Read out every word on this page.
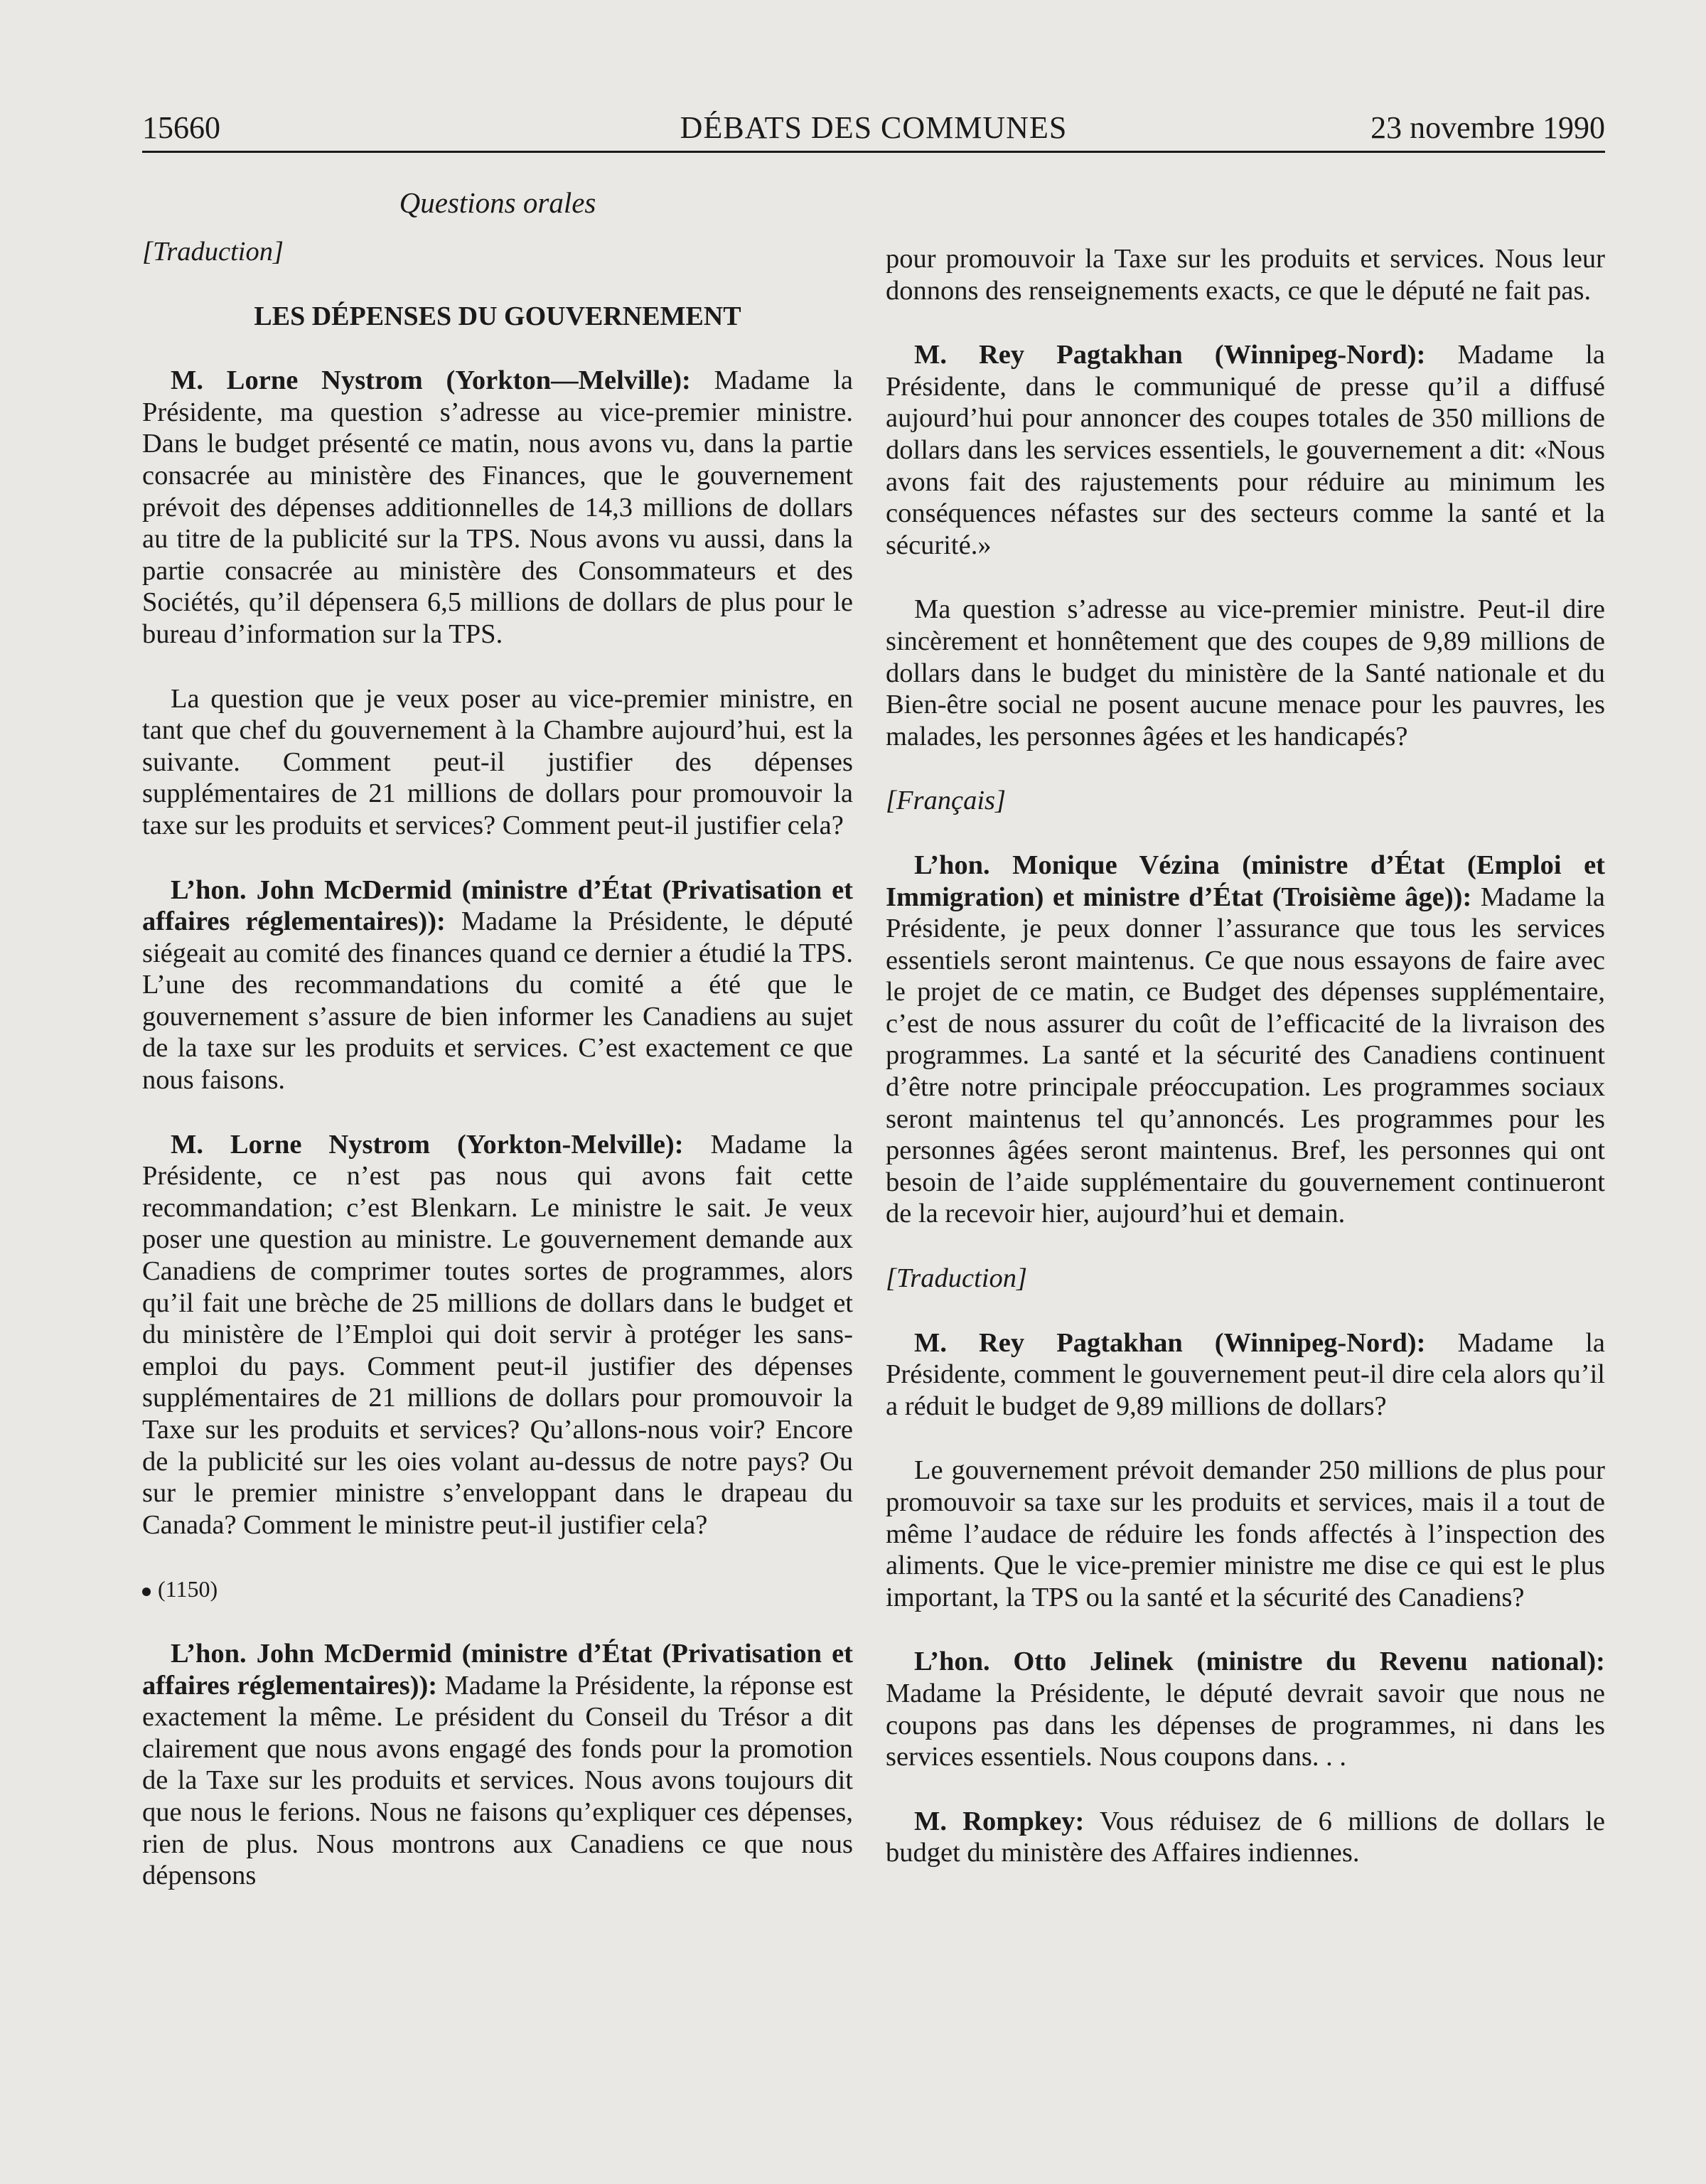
15660	DÉBATS DES COMMUNES	23 novembre 1990
Questions orales

[Traduction]

LES DÉPENSES DU GOUVERNEMENT

M. Lorne Nystrom (Yorkton—Melville): Madame la Présidente, ma question s’adresse au vice-premier ministre. Dans le budget présenté ce matin, nous avons vu, dans la partie consacrée au ministère des Finances, que le gouvernement prévoit des dépenses additionnelles de 14,3 millions de dollars au titre de la publicité sur la TPS. Nous avons vu aussi, dans la partie consacrée au ministère des Consommateurs et des Sociétés, qu’il dépensera 6,5 millions de dollars de plus pour le bureau d’information sur la TPS.

La question que je veux poser au vice-premier ministre, en tant que chef du gouvernement à la Chambre aujourd’hui, est la suivante. Comment peut-il justifier des dépenses supplémentaires de 21 millions de dollars pour promouvoir la taxe sur les produits et services? Comment peut-il justifier cela?

L’hon. John McDermid (ministre d’État (Privatisation et affaires réglementaires)): Madame la Présidente, le député siégeait au comité des finances quand ce dernier a étudié la TPS. L’une des recommandations du comité a été que le gouvernement s’assure de bien informer les Canadiens au sujet de la taxe sur les produits et services. C’est exactement ce que nous faisons.

M. Lorne Nystrom (Yorkton-Melville): Madame la Présidente, ce n’est pas nous qui avons fait cette recommandation; c’est Blenkarn. Le ministre le sait. Je veux poser une question au ministre. Le gouvernement demande aux Canadiens de comprimer toutes sortes de programmes, alors qu’il fait une brèche de 25 millions de dollars dans le budget et du ministère de l’Emploi qui doit servir à protéger les sans-emploi du pays. Comment peut-il justifier des dépenses supplémentaires de 21 millions de dollars pour promouvoir la Taxe sur les produits et services? Qu’allons-nous voir? Encore de la publicité sur les oies volant au-dessus de notre pays? Ou sur le premier ministre s’enveloppant dans le drapeau du Canada? Comment le ministre peut-il justifier cela?

(1150)

L’hon. John McDermid (ministre d’État (Privatisation et affaires réglementaires)): Madame la Présidente, la réponse est exactement la même. Le président du Conseil du Trésor a dit clairement que nous avons engagé des fonds pour la promotion de la Taxe sur les produits et services. Nous avons toujours dit que nous le ferions. Nous ne faisons qu’expliquer ces dépenses, rien de plus. Nous montrons aux Canadiens ce que nous dépensons

pour promouvoir la Taxe sur les produits et services. Nous leur donnons des renseignements exacts, ce que le député ne fait pas.

M. Rey Pagtakhan (Winnipeg-Nord): Madame la Présidente, dans le communiqué de presse qu’il a diffusé aujourd’hui pour annoncer des coupes totales de 350 millions de dollars dans les services essentiels, le gouvernement a dit: «Nous avons fait des rajustements pour réduire au minimum les conséquences néfastes sur des secteurs comme la santé et la sécurité.»

Ma question s’adresse au vice-premier ministre. Peut-il dire sincèrement et honnêtement que des coupes de 9,89 millions de dollars dans le budget du ministère de la Santé nationale et du Bien-être social ne posent aucune menace pour les pauvres, les malades, les personnes âgées et les handicapés?

[Français]

L’hon. Monique Vézina (ministre d’État (Emploi et Immigration) et ministre d’État (Troisième âge)): Madame la Présidente, je peux donner l’assurance que tous les services essentiels seront maintenus. Ce que nous essayons de faire avec le projet de ce matin, ce Budget des dépenses supplémentaire, c’est de nous assurer du coût de l’efficacité de la livraison des programmes. La santé et la sécurité des Canadiens continuent d’être notre principale préoccupation. Les programmes sociaux seront maintenus tel qu’annoncés. Les programmes pour les personnes âgées seront maintenus. Bref, les personnes qui ont besoin de l’aide supplémentaire du gouvernement continueront de la recevoir hier, aujourd’hui et demain.

[Traduction]

M. Rey Pagtakhan (Winnipeg-Nord): Madame la Présidente, comment le gouvernement peut-il dire cela alors qu’il a réduit le budget de 9,89 millions de dollars?

Le gouvernement prévoit demander 250 millions de plus pour promouvoir sa taxe sur les produits et services, mais il a tout de même l’audace de réduire les fonds affectés à l’inspection des aliments. Que le vice-premier ministre me dise ce qui est le plus important, la TPS ou la santé et la sécurité des Canadiens?

L’hon. Otto Jelinek (ministre du Revenu national): Madame la Présidente, le député devrait savoir que nous ne coupons pas dans les dépenses de programmes, ni dans les services essentiels. Nous coupons dans. . .

M. Rompkey: Vous réduisez de 6 millions de dollars le budget du ministère des Affaires indiennes.
